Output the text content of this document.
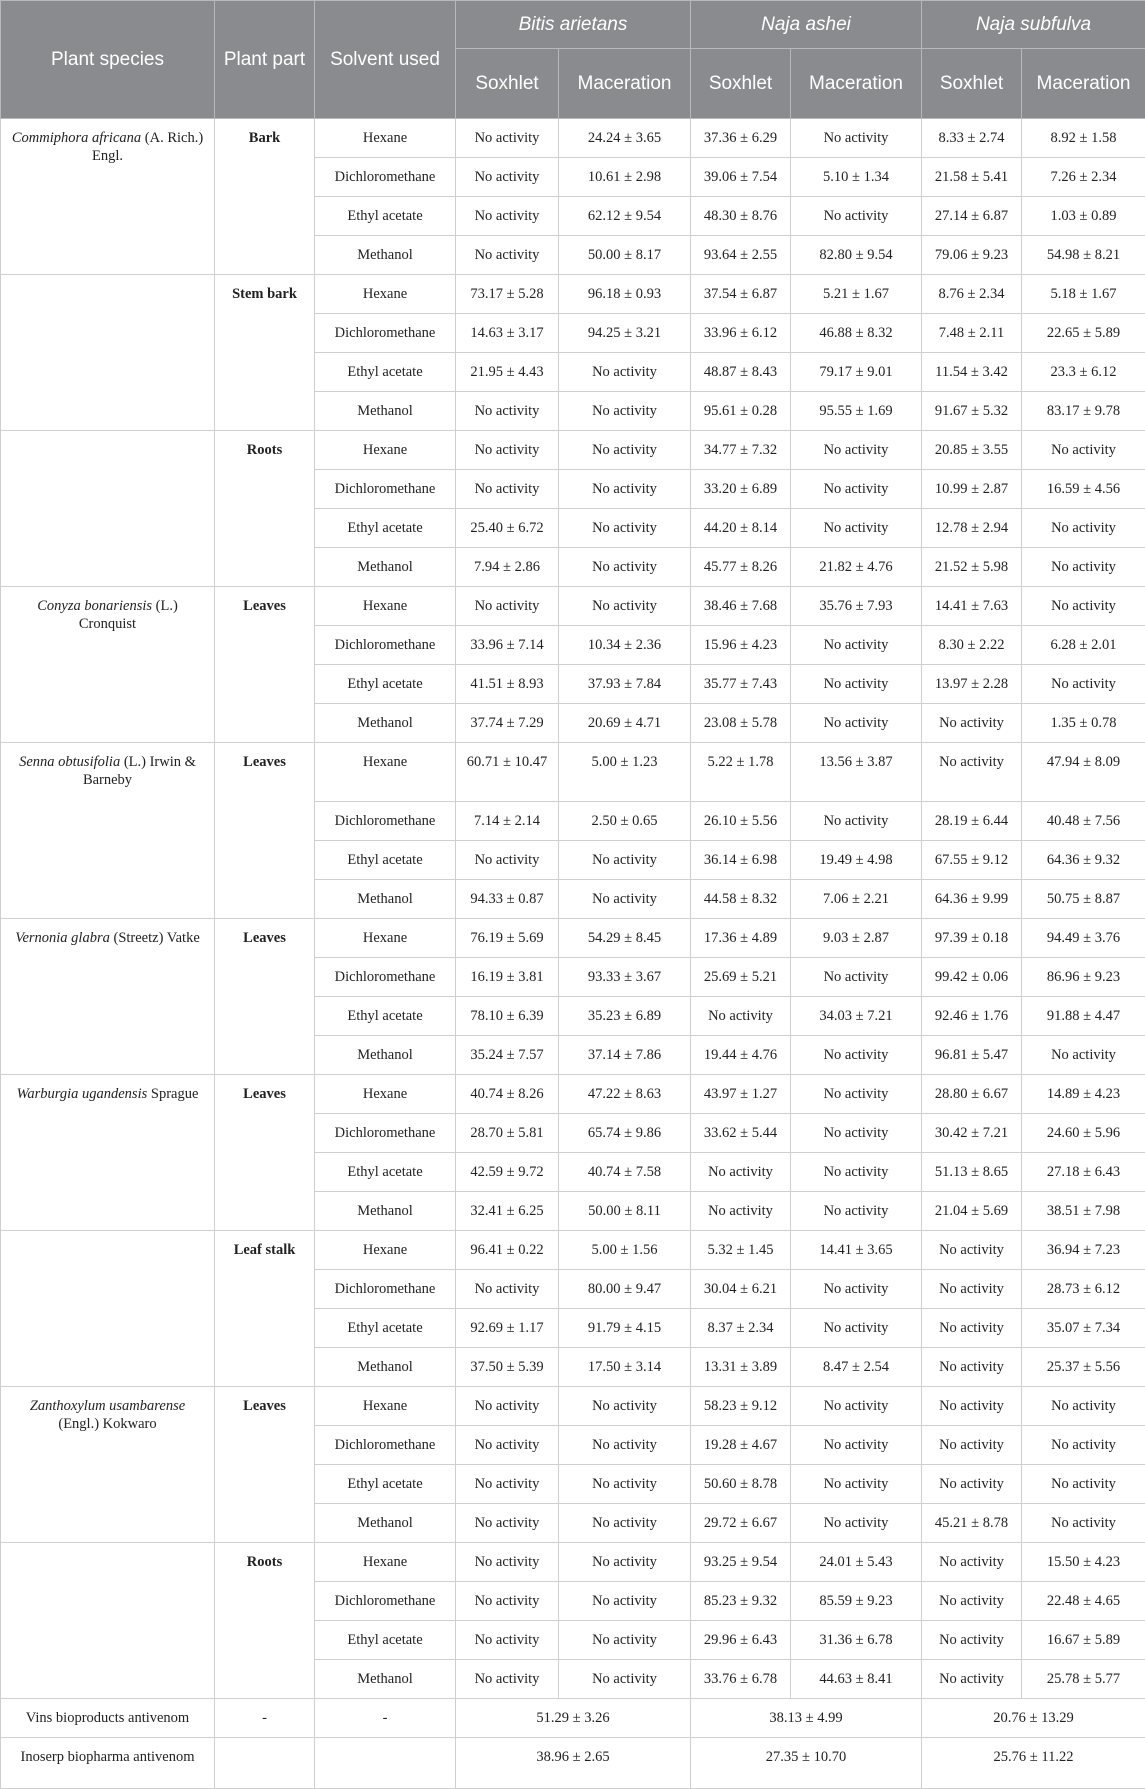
Plant species	Plant part	Solvent used	Bitis arietans		Naja ashei		Naja subfulva	
			Soxhlet	Maceration	Soxhlet	Maceration	Soxhlet	Maceration
Commiphora africana (A. Rich.) Engl.	Bark	Hexane	No activity	24.24 ± 3.65	37.36 ± 6.29	No activity	8.33 ± 2.74	8.92 ± 1.58
		Dichloromethane	No activity	10.61 ± 2.98	39.06 ± 7.54	5.10 ± 1.34	21.58 ± 5.41	7.26 ± 2.34
		Ethyl acetate	No activity	62.12 ± 9.54	48.30 ± 8.76	No activity	27.14 ± 6.87	1.03 ± 0.89
		Methanol	No activity	50.00 ± 8.17	93.64 ± 2.55	82.80 ± 9.54	79.06 ± 9.23	54.98 ± 8.21
	Stem bark	Hexane	73.17 ± 5.28	96.18 ± 0.93	37.54 ± 6.87	5.21 ± 1.67	8.76 ± 2.34	5.18 ± 1.67
		Dichloromethane	14.63 ± 3.17	94.25 ± 3.21	33.96 ± 6.12	46.88 ± 8.32	7.48 ± 2.11	22.65 ± 5.89
		Ethyl acetate	21.95 ± 4.43	No activity	48.87 ± 8.43	79.17 ± 9.01	11.54 ± 3.42	23.3 ± 6.12
		Methanol	No activity	No activity	95.61 ± 0.28	95.55 ± 1.69	91.67 ± 5.32	83.17 ± 9.78
	Roots	Hexane	No activity	No activity	34.77 ± 7.32	No activity	20.85 ± 3.55	No activity
		Dichloromethane	No activity	No activity	33.20 ± 6.89	No activity	10.99 ± 2.87	16.59 ± 4.56
		Ethyl acetate	25.40 ± 6.72	No activity	44.20 ± 8.14	No activity	12.78 ± 2.94	No activity
		Methanol	7.94 ± 2.86	No activity	45.77 ± 8.26	21.82 ± 4.76	21.52 ± 5.98	No activity
Conyza bonariensis (L.) Cronquist	Leaves	Hexane	No activity	No activity	38.46 ± 7.68	35.76 ± 7.93	14.41 ± 7.63	No activity
		Dichloromethane	33.96 ± 7.14	10.34 ± 2.36	15.96 ± 4.23	No activity	8.30 ± 2.22	6.28 ± 2.01
		Ethyl acetate	41.51 ± 8.93	37.93 ± 7.84	35.77 ± 7.43	No activity	13.97 ± 2.28	No activity
		Methanol	37.74 ± 7.29	20.69 ± 4.71	23.08 ± 5.78	No activity	No activity	1.35 ± 0.78
Senna obtusifolia (L.) Irwin & Barneby	Leaves	Hexane	60.71 ± 10.47	5.00 ± 1.23	5.22 ± 1.78	13.56 ± 3.87	No activity	47.94 ± 8.09
		Dichloromethane	7.14 ± 2.14	2.50 ± 0.65	26.10 ± 5.56	No activity	28.19 ± 6.44	40.48 ± 7.56
		Ethyl acetate	No activity	No activity	36.14 ± 6.98	19.49 ± 4.98	67.55 ± 9.12	64.36 ± 9.32
		Methanol	94.33 ± 0.87	No activity	44.58 ± 8.32	7.06 ± 2.21	64.36 ± 9.99	50.75 ± 8.87
Vernonia glabra (Streetz) Vatke	Leaves	Hexane	76.19 ± 5.69	54.29 ± 8.45	17.36 ± 4.89	9.03 ± 2.87	97.39 ± 0.18	94.49 ± 3.76
		Dichloromethane	16.19 ± 3.81	93.33 ± 3.67	25.69 ± 5.21	No activity	99.42 ± 0.06	86.96 ± 9.23
		Ethyl acetate	78.10 ± 6.39	35.23 ± 6.89	No activity	34.03 ± 7.21	92.46 ± 1.76	91.88 ± 4.47
		Methanol	35.24 ± 7.57	37.14 ± 7.86	19.44 ± 4.76	No activity	96.81 ± 5.47	No activity
Warburgia ugandensis Sprague	Leaves	Hexane	40.74 ± 8.26	47.22 ± 8.63	43.97 ± 1.27	No activity	28.80 ± 6.67	14.89 ± 4.23
		Dichloromethane	28.70 ± 5.81	65.74 ± 9.86	33.62 ± 5.44	No activity	30.42 ± 7.21	24.60 ± 5.96
		Ethyl acetate	42.59 ± 9.72	40.74 ± 7.58	No activity	No activity	51.13 ± 8.65	27.18 ± 6.43
		Methanol	32.41 ± 6.25	50.00 ± 8.11	No activity	No activity	21.04 ± 5.69	38.51 ± 7.98
	Leaf stalk	Hexane	96.41 ± 0.22	5.00 ± 1.56	5.32 ± 1.45	14.41 ± 3.65	No activity	36.94 ± 7.23
		Dichloromethane	No activity	80.00 ± 9.47	30.04 ± 6.21	No activity	No activity	28.73 ± 6.12
		Ethyl acetate	92.69 ± 1.17	91.79 ± 4.15	8.37 ± 2.34	No activity	No activity	35.07 ± 7.34
		Methanol	37.50 ± 5.39	17.50 ± 3.14	13.31 ± 3.89	8.47 ± 2.54	No activity	25.37 ± 5.56
Zanthoxylum usambarense (Engl.) Kokwaro	Leaves	Hexane	No activity	No activity	58.23 ± 9.12	No activity	No activity	No activity
		Dichloromethane	No activity	No activity	19.28 ± 4.67	No activity	No activity	No activity
		Ethyl acetate	No activity	No activity	50.60 ± 8.78	No activity	No activity	No activity
		Methanol	No activity	No activity	29.72 ± 6.67	No activity	45.21 ± 8.78	No activity
	Roots	Hexane	No activity	No activity	93.25 ± 9.54	24.01 ± 5.43	No activity	15.50 ± 4.23
		Dichloromethane	No activity	No activity	85.23 ± 9.32	85.59 ± 9.23	No activity	22.48 ± 4.65
		Ethyl acetate	No activity	No activity	29.96 ± 6.43	31.36 ± 6.78	No activity	16.67 ± 5.89
		Methanol	No activity	No activity	33.76 ± 6.78	44.63 ± 8.41	No activity	25.78 ± 5.77
Vins bioproducts antivenom	-	-	51.29 ± 3.26		38.13 ± 4.99		20.76 ± 13.29	
Inoserp biopharma antivenom			38.96 ± 2.65		27.35 ± 10.70		25.76 ± 11.22	
